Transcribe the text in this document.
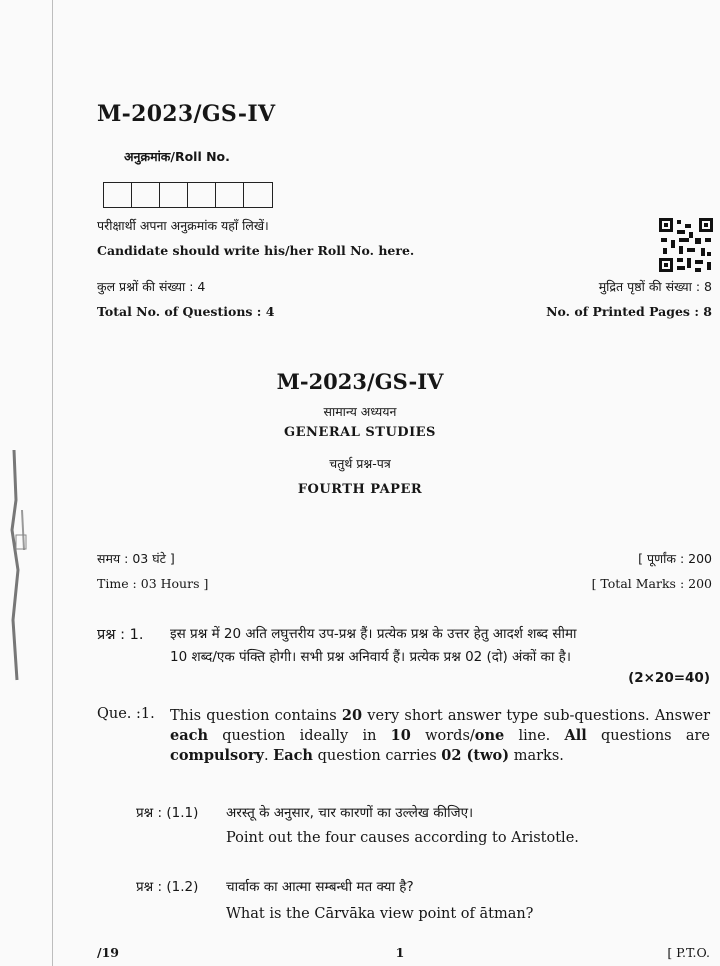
M-2023/GS-IV
अनुक्रमांक/Roll No.
परीक्षार्थी अपना अनुक्रमांक यहाँ लिखें।
Candidate should write his/her Roll No. here.
कुल प्रश्नों की संख्या : 4
Total No. of Questions : 4
मुद्रित पृष्ठों की संख्या : 8
No. of Printed Pages : 8
M-2023/GS-IV
सामान्य अध्ययन
GENERAL STUDIES
चतुर्थ प्रश्न-पत्र
FOURTH PAPER
समय : 03 घंटे ]
Time : 03 Hours ]
[ पूर्णांक : 200
[ Total Marks : 200
प्रश्न : 1. इस प्रश्न में 20 अति लघुत्तरीय उप-प्रश्न हैं। प्रत्येक प्रश्न के उत्तर हेतु आदर्श शब्द सीमा
10 शब्द/एक पंक्ति होगी। सभी प्रश्न अनिवार्य हैं। प्रत्येक प्रश्न 02 (दो) अंकों का है।
(2×20=40)
Que. :1. This question contains 20 very short answer type sub-questions. Answer each question ideally in 10 words/one line. All questions are compulsory. Each question carries 02 (two) marks.
प्रश्न : (1.1) अरस्तू के अनुसार, चार कारणों का उल्लेख कीजिए।
Point out the four causes according to Aristotle.
प्रश्न : (1.2) चार्वाक का आत्मा सम्बन्धी मत क्या है?
What is the Cārvāka view point of ātman?
/19	1	[ P.T.O.
